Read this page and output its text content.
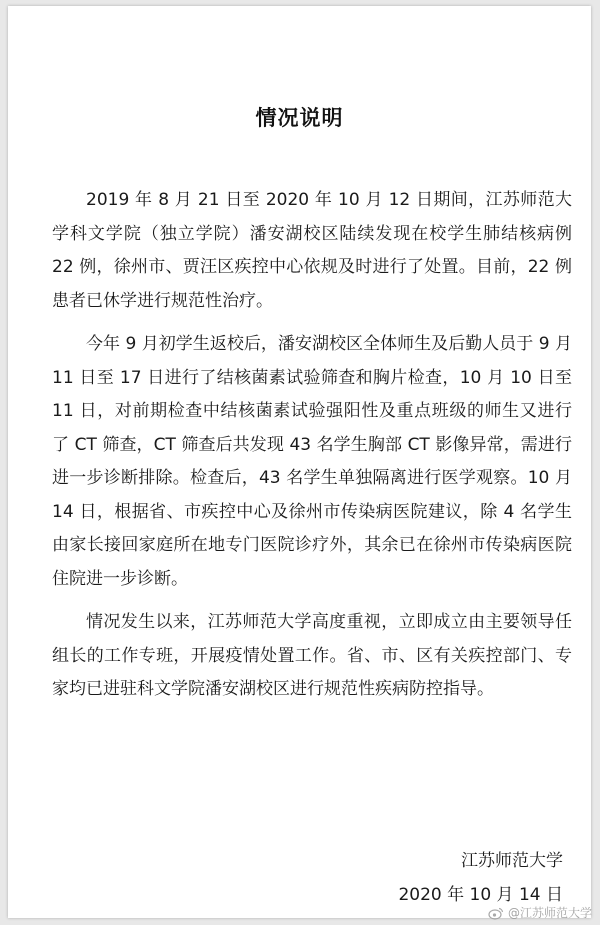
情况说明

2019 年 8 月 21 日至 2020 年 10 月 12 日期间，江苏师范大学科文学院（独立学院）潘安湖校区陆续发现在校学生肺结核病例 22 例，徐州市、贾汪区疾控中心依规及时进行了处置。目前，22 例患者已休学进行规范性治疗。

今年 9 月初学生返校后，潘安湖校区全体师生及后勤人员于 9 月 11 日至 17 日进行了结核菌素试验筛查和胸片检查，10 月 10 日至 11 日，对前期检查中结核菌素试验强阳性及重点班级的师生又进行了 CT 筛查，CT 筛查后共发现 43 名学生胸部 CT 影像异常，需进行进一步诊断排除。检查后，43 名学生单独隔离进行医学观察。10 月 14 日，根据省、市疾控中心及徐州市传染病医院建议，除 4 名学生由家长接回家庭所在地专门医院诊疗外，其余已在徐州市传染病医院住院进一步诊断。

情况发生以来，江苏师范大学高度重视，立即成立由主要领导任组长的工作专班，开展疫情处置工作。省、市、区有关疾控部门、专家均已进驻科文学院潘安湖校区进行规范性疾病防控指导。

江苏师范大学
2020 年 10 月 14 日
@江苏师范大学
